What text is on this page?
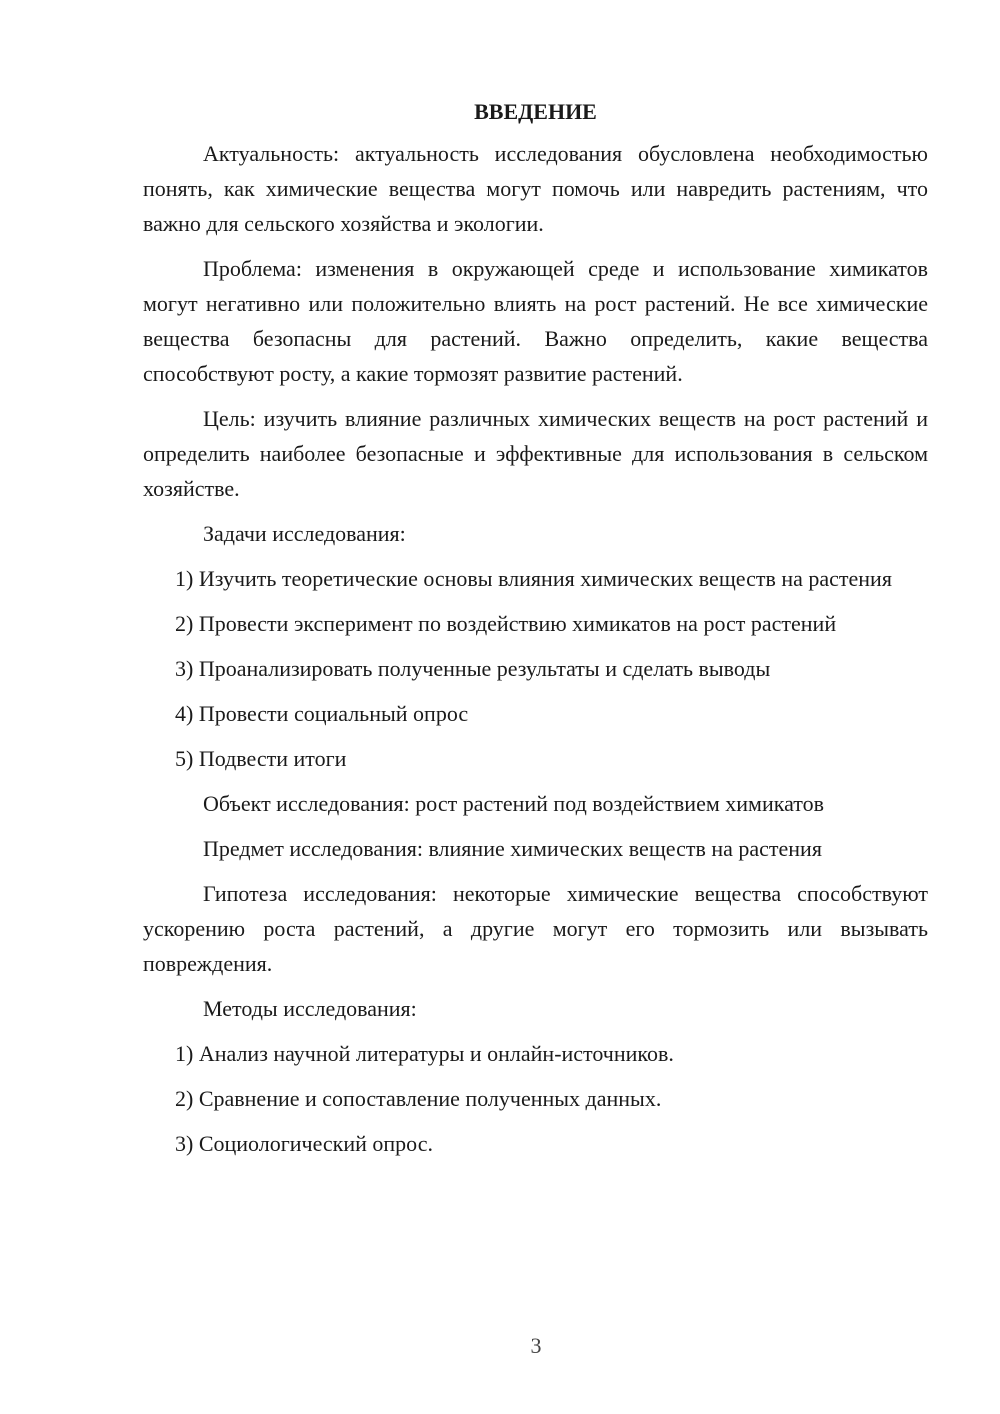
ВВЕДЕНИЕ
Актуальность: актуальность исследования обусловлена необходимостью понять, как химические вещества могут помочь или навредить растениям, что важно для сельского хозяйства и экологии.
Проблема: изменения в окружающей среде и использование химикатов могут негативно или положительно влиять на рост растений. Не все химические вещества безопасны для растений. Важно определить, какие вещества способствуют росту, а какие тормозят развитие растений.
Цель: изучить влияние различных химических веществ на рост растений и определить наиболее безопасные и эффективные для использования в сельском хозяйстве.
Задачи исследования:
1) Изучить теоретические основы влияния химических веществ на растения
2) Провести эксперимент по воздействию химикатов на рост растений
3) Проанализировать полученные результаты и сделать выводы
4) Провести социальный опрос
5) Подвести итоги
Объект исследования: рост растений под воздействием химикатов
Предмет исследования: влияние химических веществ на растения
Гипотеза исследования: некоторые химические вещества способствуют ускорению роста растений, а другие могут его тормозить или вызывать повреждения.
Методы исследования:
1) Анализ научной литературы и онлайн-источников.
2) Сравнение и сопоставление полученных данных.
3) Социологический опрос.
3
